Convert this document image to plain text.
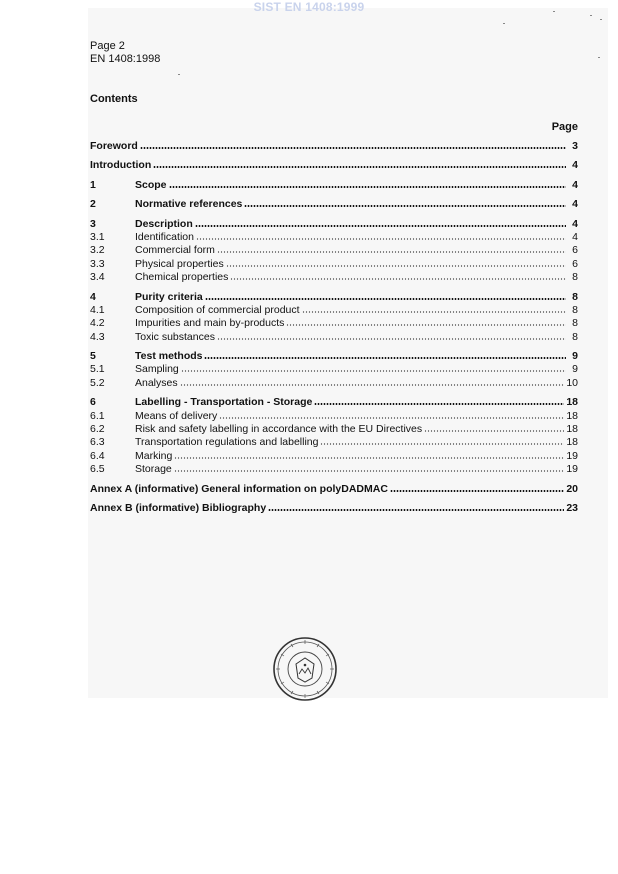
SIST EN 1408:1999
Page 2
EN 1408:1998
Contents
Page
Foreword	3
Introduction	4
1	Scope	4
2	Normative references	4
3	Description	4
3.1	Identification	4
3.2	Commercial form	6
3.3	Physical properties	6
3.4	Chemical properties	8
4	Purity criteria	8
4.1	Composition of commercial product	8
4.2	Impurities and main by-products	8
4.3	Toxic substances	8
5	Test methods	9
5.1	Sampling	9
5.2	Analyses	10
6	Labelling - Transportation - Storage	18
6.1	Means of delivery	18
6.2	Risk and safety labelling in accordance with the EU Directives	18
6.3	Transportation regulations and labelling	18
6.4	Marking	19
6.5	Storage	19
Annex A (informative) General information on polyDADMAC	20
Annex B (informative) Bibliography	23
